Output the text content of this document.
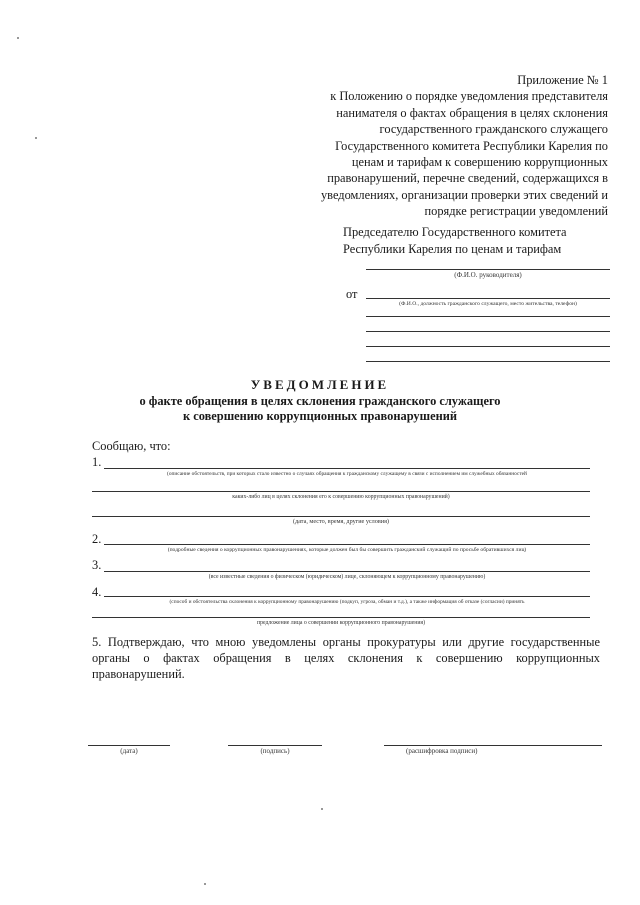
Приложение № 1
к Положению о порядке уведомления представителя
нанимателя о фактах обращения в целях склонения
государственного гражданского служащего
Государственного комитета Республики Карелия по
ценам и тарифам к совершению коррупционных
правонарушений, перечне сведений, содержащихся в
уведомлениях, организации проверки этих сведений и
порядке регистрации уведомлений
Председателю Государственного комитета
Республики Карелия по ценам и тарифам
(Ф.И.О. руководителя)
от
(Ф.И.О., должность гражданского служащего, место жительства, телефон)
УВЕДОМЛЕНИЕ
о факте обращения в целях склонения гражданского служащего
к совершению коррупционных правонарушений
Сообщаю, что:
1.
(описание обстоятельств, при которых стало известно о случаях обращения к гражданскому служащему в связи с исполнением им служебных обязанностей
каких-либо лиц в целях склонения его к совершению коррупционных правонарушений)
(дата, место, время, другие условия)
2.
(подробные сведения о коррупционных правонарушениях, которые должен был бы совершить гражданский служащий по просьбе обратившихся лиц)
3.
(все известные сведения о физическом (юридическом) лице, склоняющем к коррупционному правонарушению)
4.
(способ и обстоятельства склонения к коррупционному правонарушению (подкуп, угроза, обман и т.д.), а также информация об отказе (согласии) принять
предложение лица о совершении коррупционного правонарушения)
5. Подтверждаю, что мною уведомлены органы прокуратуры или другие государственные органы о фактах обращения в целях склонения к совершению коррупционных правонарушений.
(дата)	(подпись)	(расшифровка подписи)
